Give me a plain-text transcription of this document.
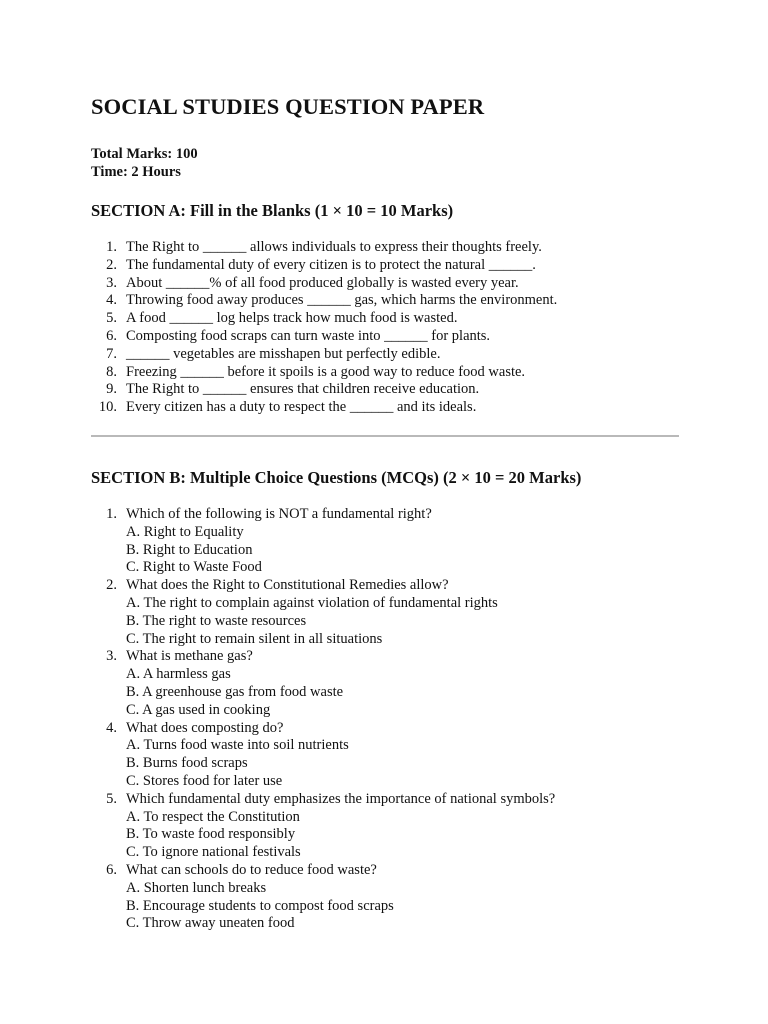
SOCIAL STUDIES QUESTION PAPER
Total Marks: 100
Time: 2 Hours
SECTION A: Fill in the Blanks (1 × 10 = 10 Marks)
1. The Right to ______ allows individuals to express their thoughts freely.
2. The fundamental duty of every citizen is to protect the natural ______.
3. About ______% of all food produced globally is wasted every year.
4. Throwing food away produces ______ gas, which harms the environment.
5. A food ______ log helps track how much food is wasted.
6. Composting food scraps can turn waste into ______ for plants.
7. ______ vegetables are misshapen but perfectly edible.
8. Freezing ______ before it spoils is a good way to reduce food waste.
9. The Right to ______ ensures that children receive education.
10. Every citizen has a duty to respect the ______ and its ideals.
SECTION B: Multiple Choice Questions (MCQs) (2 × 10 = 20 Marks)
1. Which of the following is NOT a fundamental right?
A. Right to Equality
B. Right to Education
C. Right to Waste Food
2. What does the Right to Constitutional Remedies allow?
A. The right to complain against violation of fundamental rights
B. The right to waste resources
C. The right to remain silent in all situations
3. What is methane gas?
A. A harmless gas
B. A greenhouse gas from food waste
C. A gas used in cooking
4. What does composting do?
A. Turns food waste into soil nutrients
B. Burns food scraps
C. Stores food for later use
5. Which fundamental duty emphasizes the importance of national symbols?
A. To respect the Constitution
B. To waste food responsibly
C. To ignore national festivals
6. What can schools do to reduce food waste?
A. Shorten lunch breaks
B. Encourage students to compost food scraps
C. Throw away uneaten food
